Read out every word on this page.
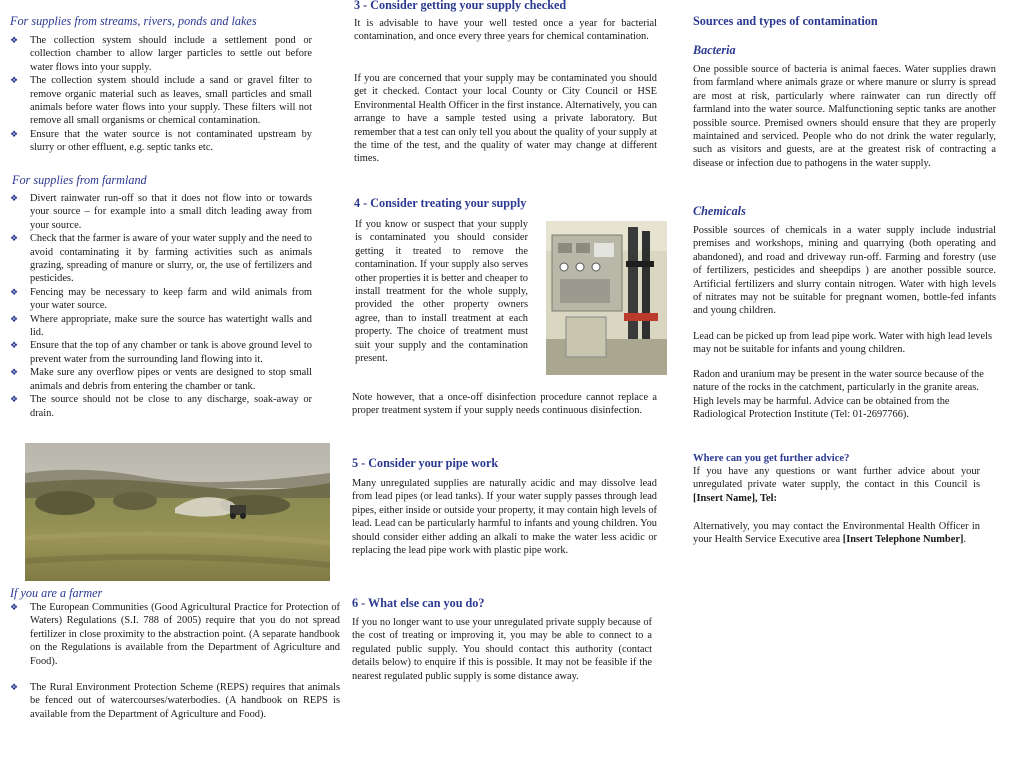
For supplies from streams, rivers, ponds and lakes
❖ The collection system should include a settlement pond or collection chamber to allow larger particles to settle out before water flows into your supply.
❖ The collection system should include a sand or gravel filter to remove organic material such as leaves, small particles and small animals before water flows into your supply. These filters will not remove all small organisms or chemical contamination.
❖ Ensure that the water source is not contaminated upstream by slurry or other effluent, e.g. septic tanks etc.
For supplies from farmland
❖ Divert rainwater run-off so that it does not flow into or towards your source – for example into a small ditch leading away from your source.
❖ Check that the farmer is aware of your water supply and the need to avoid contaminating it by farming activities such as animals grazing, spreading of manure or slurry, or, the use of fertilizers and pesticides.
❖ Fencing may be necessary to keep farm and wild animals from your water source.
❖ Where appropriate, make sure the source has watertight walls and lid.
❖ Ensure that the top of any chamber or tank is above ground level to prevent water from the surrounding land flowing into it.
❖ Make sure any overflow pipes or vents are designed to stop small animals and debris from entering the chamber or tank.
❖ The source should not be close to any discharge, soak-away or drain.
If you are a farmer
❖ The European Communities (Good Agricultural Practice for Protection of Waters) Regulations (S.I. 788 of 2005) require that you do not spread fertilizer in close proximity to the abstraction point. (A separate handbook on the Regulations is available from the Department of Agriculture and Food).
❖ The Rural Environment Protection Scheme (REPS) requires that animals be fenced out of watercourses/waterbodies. (A handbook on REPS is available from the Department of Agriculture and Food).
3 - Consider getting your supply checked

It is advisable to have your well tested once a year for bacterial contamination, and once every three years for chemical contamination.

If you are concerned that your supply may be contaminated you should get it checked. Contact your local County or City Council or HSE Environmental Health Officer in the first instance. Alternatively, you can arrange to have a sample tested using a private laboratory. But remember that a test can only tell you about the quality of your supply at the time of the test, and the quality of water may change at different times.

4 - Consider treating your supply

If you know or suspect that your supply is contaminated you should consider getting it treated to remove the contamination. If your supply also serves other properties it is better and cheaper to install treatment for the whole supply, provided the other property owners agree, than to install treatment at each property. The choice of treatment must suit your supply and the contamination present.

Note however, that a once-off disinfection procedure cannot replace a proper treatment system if your supply needs continuous disinfection.

5 - Consider your pipe work

Many unregulated supplies are naturally acidic and may dissolve lead from lead pipes (or lead tanks). If your water supply passes through lead pipes, either inside or outside your property, it may contain high levels of lead. Lead can be particularly harmful to infants and young children. You should consider either adding an alkali to make the water less acidic or replacing the lead pipe work with plastic pipe work.

6 - What else can you do?

If you no longer want to use your unregulated private supply because of the cost of treating or improving it, you may be able to connect to a regulated public supply. You should contact this authority (contact details below) to enquire if this is possible. It may not be feasible if the nearest regulated public supply is some distance away.

Sources and types of contamination
Bacteria

One possible source of bacteria is animal faeces. Water supplies drawn from farmland where animals graze or where manure or slurry is spread are most at risk, particularly where rainwater can run directly off farmland into the water source. Malfunctioning septic tanks are another possible source. Premised owners should ensure that they are properly maintained and serviced. People who do not drink the water regularly, such as visitors and guests, are at the greatest risk of contracting a disease or infection due to pathogens in the water supply.

Chemicals

Possible sources of chemicals in a water supply include industrial premises and workshops, mining and quarrying (both operating and abandoned), and road and driveway run-off. Farming and forestry (use of fertilizers, pesticides and sheepdips ) are another possible source. Artificial fertilizers and slurry contain nitrogen. Water with high levels of nitrates may not be suitable for pregnant women, bottle-fed infants and young children.

Lead can be picked up from lead pipe work. Water with high lead levels may not be suitable for infants and young children.

Radon and uranium may be present in the water source because of the nature of the rocks in the catchment, particularly in the granite areas. High levels may be harmful. Advice can be obtained from the Radiological Protection Institute (Tel: 01-2697766).

Where can you get further advice?

If you have any questions or want further advice about your unregulated private water supply, the contact in this Council is [Insert Name], Tel:

Alternatively, you may contact the Environmental Health Officer in your Health Service Executive area [Insert Telephone Number].
